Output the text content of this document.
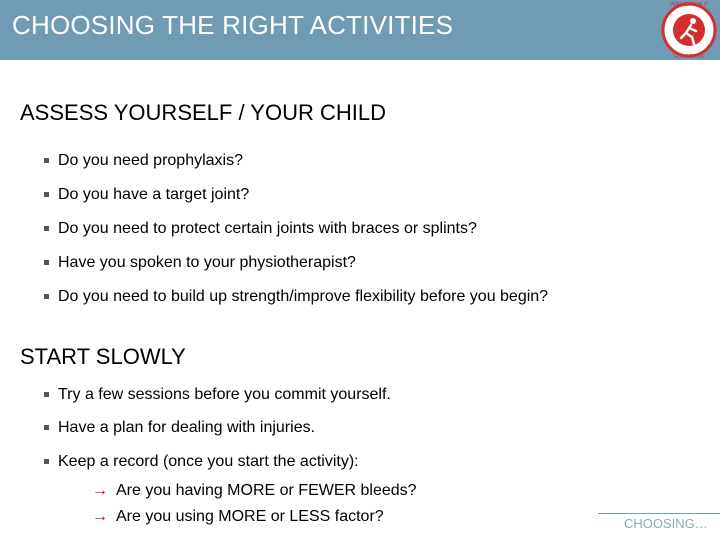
CHOOSING THE RIGHT ACTIVITIES
PREVENTION IT
FOR ACTIVE
ASSESS YOURSELF / YOUR CHILD
Do you need prophylaxis?
Do you have a target joint?
Do you need to protect certain joints with braces or splints?
Have you spoken to your physiotherapist?
Do you need to build up strength/improve flexibility before you begin?
START SLOWLY
Try a few sessions before you commit yourself.
Have a plan for dealing with injuries.
Keep a record (once you start the activity):
→ Are you having MORE or FEWER bleeds?
→ Are you using MORE or LESS factor?	CHOOSING…
